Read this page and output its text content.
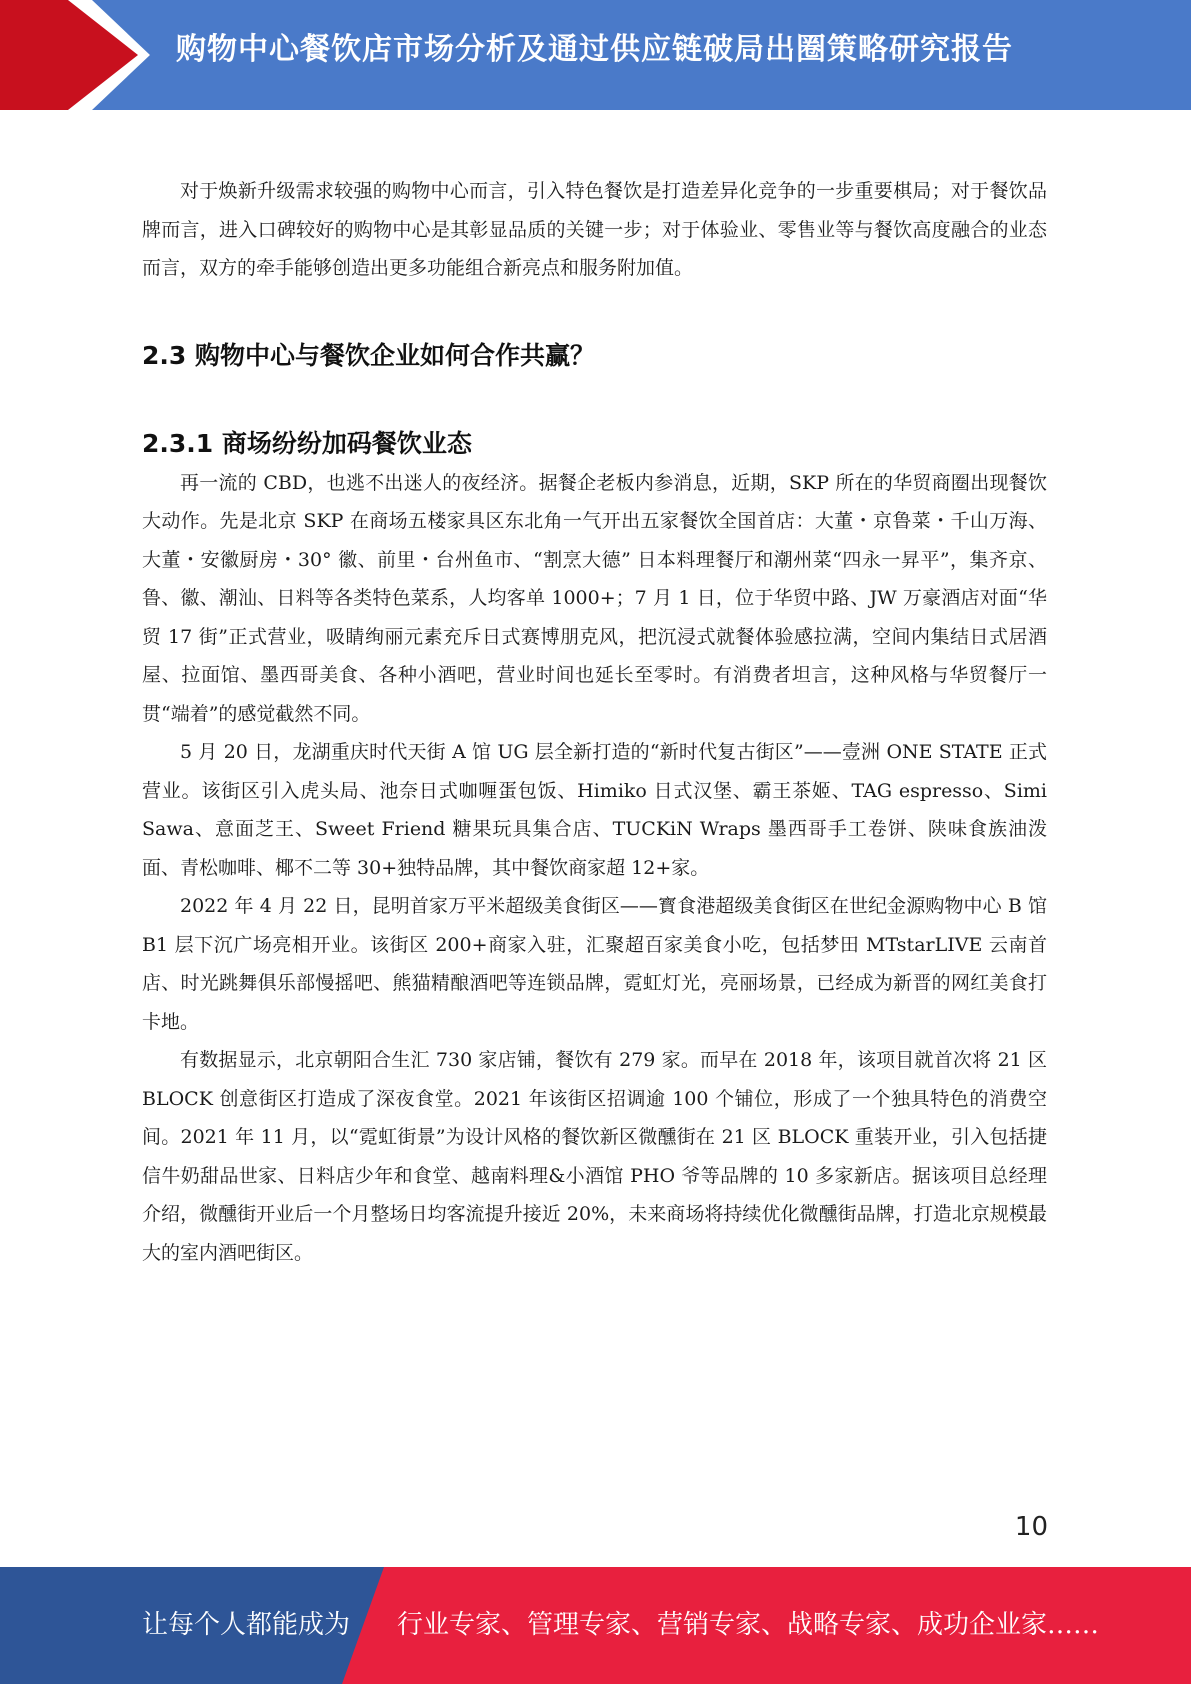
购物中心餐饮店市场分析及通过供应链破局出圈策略研究报告

对于焕新升级需求较强的购物中心而言，引入特色餐饮是打造差异化竞争的一步重要棋局；对于餐饮品牌而言，进入口碑较好的购物中心是其彰显品质的关键一步；对于体验业、零售业等与餐饮高度融合的业态而言，双方的牵手能够创造出更多功能组合新亮点和服务附加值。

2.3 购物中心与餐饮企业如何合作共赢？
2.3.1 商场纷纷加码餐饮业态

再一流的 CBD，也逃不出迷人的夜经济。据餐企老板内参消息，近期，SKP 所在的华贸商圈出现餐饮大动作。先是北京 SKP 在商场五楼家具区东北角一气开出五家餐饮全国首店：大董・京鲁菜・千山万海、大董・安徽厨房・30° 徽、前里・台州鱼市、“割烹大德” 日本料理餐厅和潮州菜“四永一昇平”，集齐京、鲁、徽、潮汕、日料等各类特色菜系，人均客单 1000+；7 月 1 日，位于华贸中路、JW 万豪酒店对面“华贸 17 街”正式营业，吸睛绚丽元素充斥日式赛博朋克风，把沉浸式就餐体验感拉满，空间内集结日式居酒屋、拉面馆、墨西哥美食、各种小酒吧，营业时间也延长至零时。有消费者坦言，这种风格与华贸餐厅一贯“端着”的感觉截然不同。

5 月 20 日，龙湖重庆时代天街 A 馆 UG 层全新打造的“新时代复古街区”——壹洲 ONE STATE 正式营业。该街区引入虎头局、池奈日式咖喱蛋包饭、Himiko 日式汉堡、霸王茶姬、TAG espresso、Simi Sawa、意面芝王、Sweet Friend 糖果玩具集合店、TUCKiN Wraps 墨西哥手工卷饼、陕味食族油泼面、青松咖啡、椰不二等 30+独特品牌，其中餐饮商家超 12+家。

2022 年 4 月 22 日，昆明首家万平米超级美食街区——寳食港超级美食街区在世纪金源购物中心 B 馆 B1 层下沉广场亮相开业。该街区 200+商家入驻，汇聚超百家美食小吃，包括梦田 MTstarLIVE 云南首店、时光跳舞俱乐部慢摇吧、熊猫精酿酒吧等连锁品牌，霓虹灯光，亮丽场景，已经成为新晋的网红美食打卡地。

有数据显示，北京朝阳合生汇 730 家店铺，餐饮有 279 家。而早在 2018 年，该项目就首次将 21 区 BLOCK 创意街区打造成了深夜食堂。2021 年该街区招调逾 100 个铺位，形成了一个独具特色的消费空间。2021 年 11 月，以“霓虹街景”为设计风格的餐饮新区微醺街在 21 区 BLOCK 重装开业，引入包括捷信牛奶甜品世家、日料店少年和食堂、越南料理&小酒馆 PHO 爷等品牌的 10 多家新店。据该项目总经理介绍，微醺街开业后一个月整场日均客流提升接近 20%，未来商场将持续优化微醺街品牌，打造北京规模最大的室内酒吧街区。

10
让每个人都能成为 行业专家、管理专家、营销专家、战略专家、成功企业家……
